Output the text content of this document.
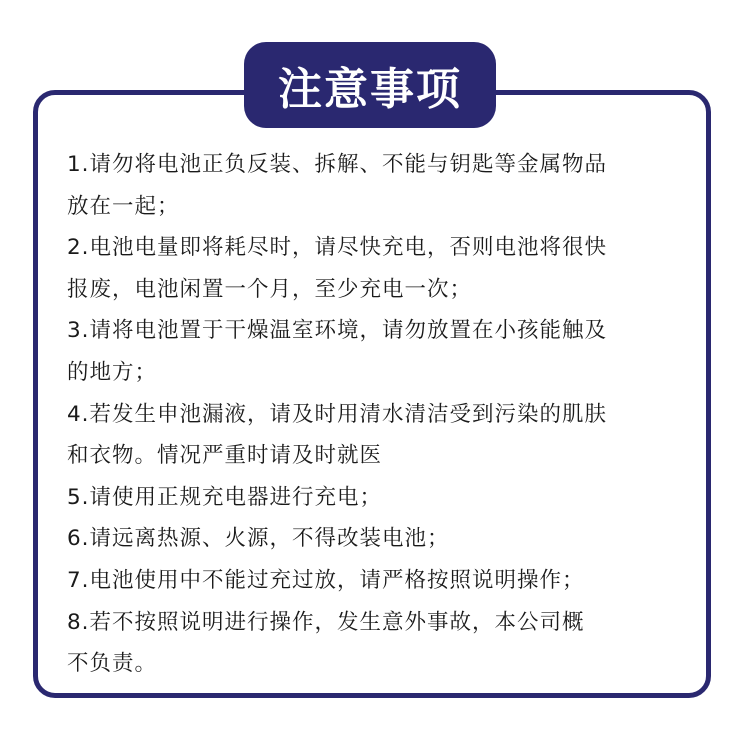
注意事项
1.请勿将电池正负反装、拆解、不能与钥匙等金属物品
放在一起；
2.电池电量即将耗尽时，请尽快充电，否则电池将很快
报废，电池闲置一个月，至少充电一次；
3.请将电池置于干燥温室环境，请勿放置在小孩能触及
的地方；
4.若发生申池漏液，请及时用清水清洁受到污染的肌肤
和衣物。情况严重时请及时就医
5.请使用正规充电器进行充电；
6.请远离热源、火源，不得改装电池；
7.电池使用中不能过充过放，请严格按照说明操作；
8.若不按照说明进行操作，发生意外事故，本公司概
不负责。
